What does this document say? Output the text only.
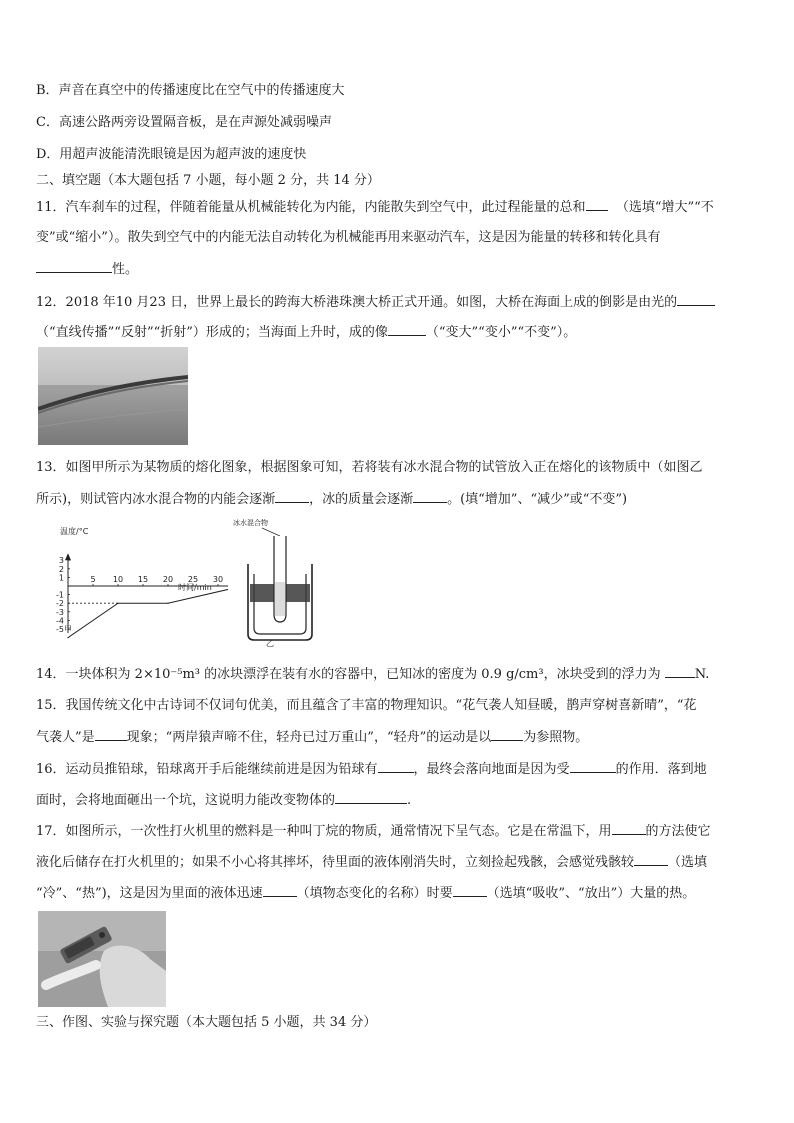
B．声音在真空中的传播速度比在空气中的传播速度大
C．高速公路两旁设置隔音板，是在声源处减弱噪声
D．用超声波能清洗眼镜是因为超声波的速度快
二、填空题（本大题包括 7 小题，每小题 2 分，共 14 分）
11．汽车刹车的过程，伴随着能量从机械能转化为内能，内能散失到空气中，此过程能量的总和 （选填“增大”“不
变”或“缩小”）。散失到空气中的内能无法自动转化为机械能再用来驱动汽车，这是因为能量的转移和转化具有
性。
12．2018 年10 月23 日，世界上最长的跨海大桥港珠澳大桥正式开通。如图，大桥在海面上成的倒影是由光的
（“直线传播”“反射”“折射”）形成的；当海面上升时，成的像	（“变大”“变小”“不变”）。
13．如图甲所示为某物质的熔化图象，根据图象可知，若将装有冰水混合物的试管放入正在熔化的该物质中（如图乙
所示)，则试管内冰水混合物的内能会逐渐	，冰的质量会逐渐	。(填“增加”、“减少”或“不变”)
5 10 15 20 25 30
3
2
1
-1
-2
-3
-4
-5
温度/°C
时间/min
甲
冰水混合物
乙
14．一块体积为 2×10⁻⁵m³ 的冰块漂浮在装有水的容器中，已知冰的密度为 0.9 g/cm³，冰块受到的浮力为	N.
15．我国传统文化中古诗词不仅词句优美，而且蕴含了丰富的物理知识。“花气袭人知昼暖，鹊声穿树喜新晴”，“花
气袭人”是 现象；“两岸猿声啼不住，轻舟已过万重山”，“轻舟”的运动是以 为参照物。
16．运动员推铅球，铅球离开手后能继续前进是因为铅球有	，最终会落向地面是因为受	的作用．落到地
面时，会将地面砸出一个坑，这说明力能改变物体的	.
17．如图所示，一次性打火机里的燃料是一种叫丁烷的物质，通常情况下呈气态。它是在常温下，用	的方法使它
液化后储存在打火机里的；如果不小心将其摔坏，待里面的液体刚消失时，立刻捡起残骸，会感觉残骸较	（选填
“冷”、“热”)，这是因为里面的液体迅速	（填物态变化的名称）时要	（选填“吸收”、“放出”）大量的热。
三、作图、实验与探究题（本大题包括 5 小题，共 34 分）
